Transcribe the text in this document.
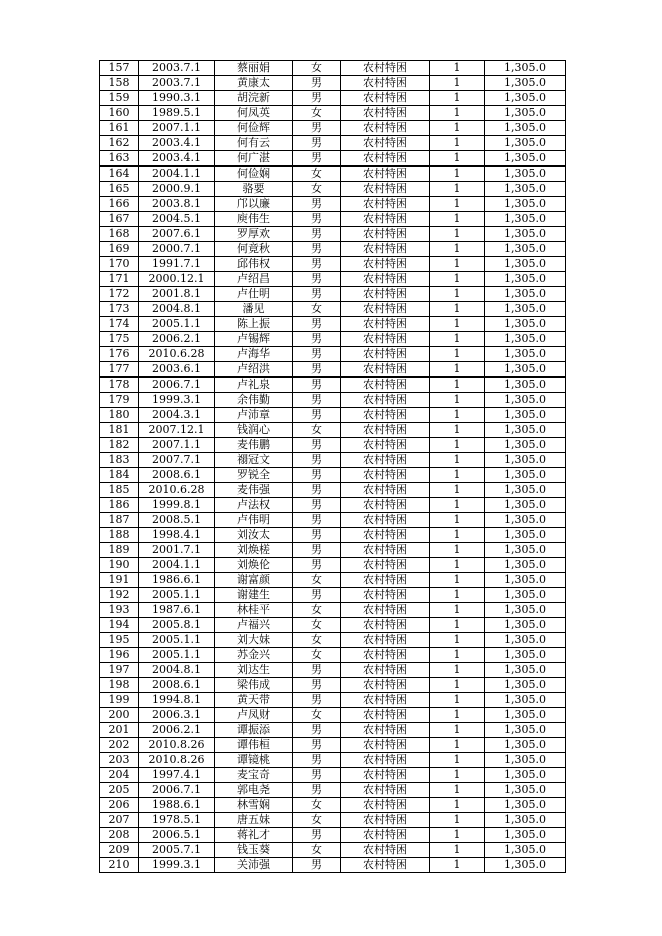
157	2003.7.1	蔡丽娟	女	农村特困	1	1,305.0
158	2003.7.1	黄康太	男	农村特困	1	1,305.0
159	1990.3.1	胡浣新	男	农村特困	1	1,305.0
160	1989.5.1	何凤英	女	农村特困	1	1,305.0
161	2007.1.1	何俭辉	男	农村特困	1	1,305.0
162	2003.4.1	何有云	男	农村特困	1	1,305.0
163	2003.4.1	何广湛	男	农村特困	1	1,305.0
164	2004.1.1	何俭娴	女	农村特困	1	1,305.0
165	2000.9.1	骆要	女	农村特困	1	1,305.0
166	2003.8.1	邝以廉	男	农村特困	1	1,305.0
167	2004.5.1	庾伟生	男	农村特困	1	1,305.0
168	2007.6.1	罗厚欢	男	农村特困	1	1,305.0
169	2000.7.1	何竟秋	男	农村特困	1	1,305.0
170	1991.7.1	邱伟权	男	农村特困	1	1,305.0
171	2000.12.1	卢绍昌	男	农村特困	1	1,305.0
172	2001.8.1	卢仕明	男	农村特困	1	1,305.0
173	2004.8.1	潘见	女	农村特困	1	1,305.0
174	2005.1.1	陈上振	男	农村特困	1	1,305.0
175	2006.2.1	卢锡辉	男	农村特困	1	1,305.0
176	2010.6.28	卢海华	男	农村特困	1	1,305.0
177	2003.6.1	卢绍洪	男	农村特困	1	1,305.0
178	2006.7.1	卢礼泉	男	农村特困	1	1,305.0
179	1999.3.1	余伟勤	男	农村特困	1	1,305.0
180	2004.3.1	卢沛章	男	农村特困	1	1,305.0
181	2007.12.1	钱润心	女	农村特困	1	1,305.0
182	2007.1.1	麦伟鹏	男	农村特困	1	1,305.0
183	2007.7.1	禤冠文	男	农村特困	1	1,305.0
184	2008.6.1	罗锐全	男	农村特困	1	1,305.0
185	2010.6.28	麦伟强	男	农村特困	1	1,305.0
186	1999.8.1	卢法权	男	农村特困	1	1,305.0
187	2008.5.1	卢伟明	男	农村特困	1	1,305.0
188	1998.4.1	刘汝太	男	农村特困	1	1,305.0
189	2001.7.1	刘焕槎	男	农村特困	1	1,305.0
190	2004.1.1	刘焕伦	男	农村特困	1	1,305.0
191	1986.6.1	谢富颜	女	农村特困	1	1,305.0
192	2005.1.1	谢建生	男	农村特困	1	1,305.0
193	1987.6.1	林桂平	女	农村特困	1	1,305.0
194	2005.8.1	卢福兴	女	农村特困	1	1,305.0
195	2005.1.1	刘大妹	女	农村特困	1	1,305.0
196	2005.1.1	苏金兴	女	农村特困	1	1,305.0
197	2004.8.1	刘达生	男	农村特困	1	1,305.0
198	2008.6.1	梁伟成	男	农村特困	1	1,305.0
199	1994.8.1	黄天带	男	农村特困	1	1,305.0
200	2006.3.1	卢凤财	女	农村特困	1	1,305.0
201	2006.2.1	谭振添	男	农村特困	1	1,305.0
202	2010.8.26	谭伟桓	男	农村特困	1	1,305.0
203	2010.8.26	谭镜桃	男	农村特困	1	1,305.0
204	1997.4.1	麦宝奇	男	农村特困	1	1,305.0
205	2006.7.1	郭电尧	男	农村特困	1	1,305.0
206	1988.6.1	林雪娴	女	农村特困	1	1,305.0
207	1978.5.1	唐五妹	女	农村特困	1	1,305.0
208	2006.5.1	蒋礼才	男	农村特困	1	1,305.0
209	2005.7.1	钱玉葵	女	农村特困	1	1,305.0
210	1999.3.1	关沛强	男	农村特困	1	1,305.0
